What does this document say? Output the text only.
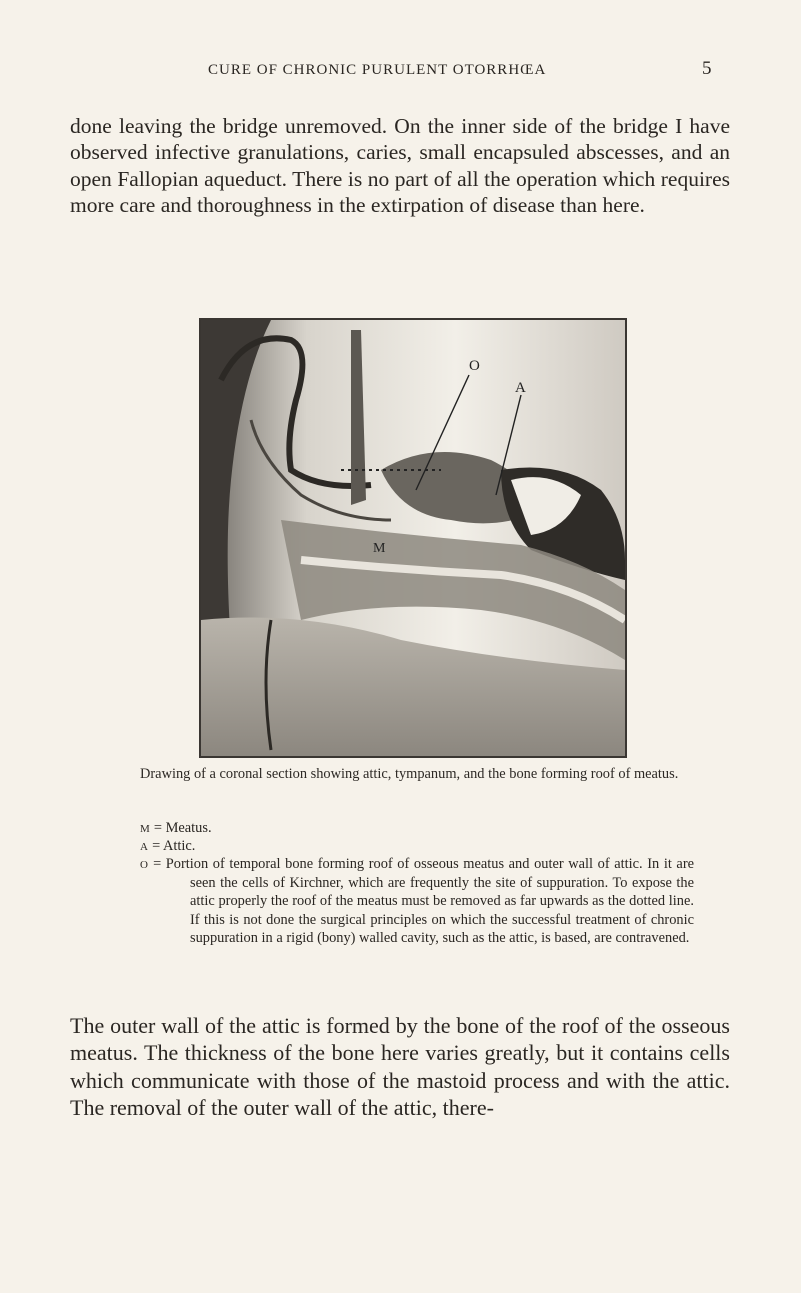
CURE OF CHRONIC PURULENT OTORRHŒA	5
done leaving the bridge unremoved. On the inner side of the bridge I have observed infective granulations, caries, small encapsuled abscesses, and an open Fallopian aqueduct. There is no part of all the operation which requires more care and thoroughness in the extirpation of disease than here.
O
A
M
Drawing of a coronal section showing attic, tympanum, and the bone forming roof of meatus.
M = Meatus.
A = Attic.
O = Portion of temporal bone forming roof of osseous meatus and outer wall of attic. In it are seen the cells of Kirchner, which are frequently the site of suppuration. To expose the attic properly the roof of the meatus must be removed as far upwards as the dotted line. If this is not done the surgical principles on which the successful treatment of chronic suppuration in a rigid (bony) walled cavity, such as the attic, is based, are contravened.
The outer wall of the attic is formed by the bone of the roof of the osseous meatus. The thickness of the bone here varies greatly, but it contains cells which communicate with those of the mastoid process and with the attic. The removal of the outer wall of the attic, there-
